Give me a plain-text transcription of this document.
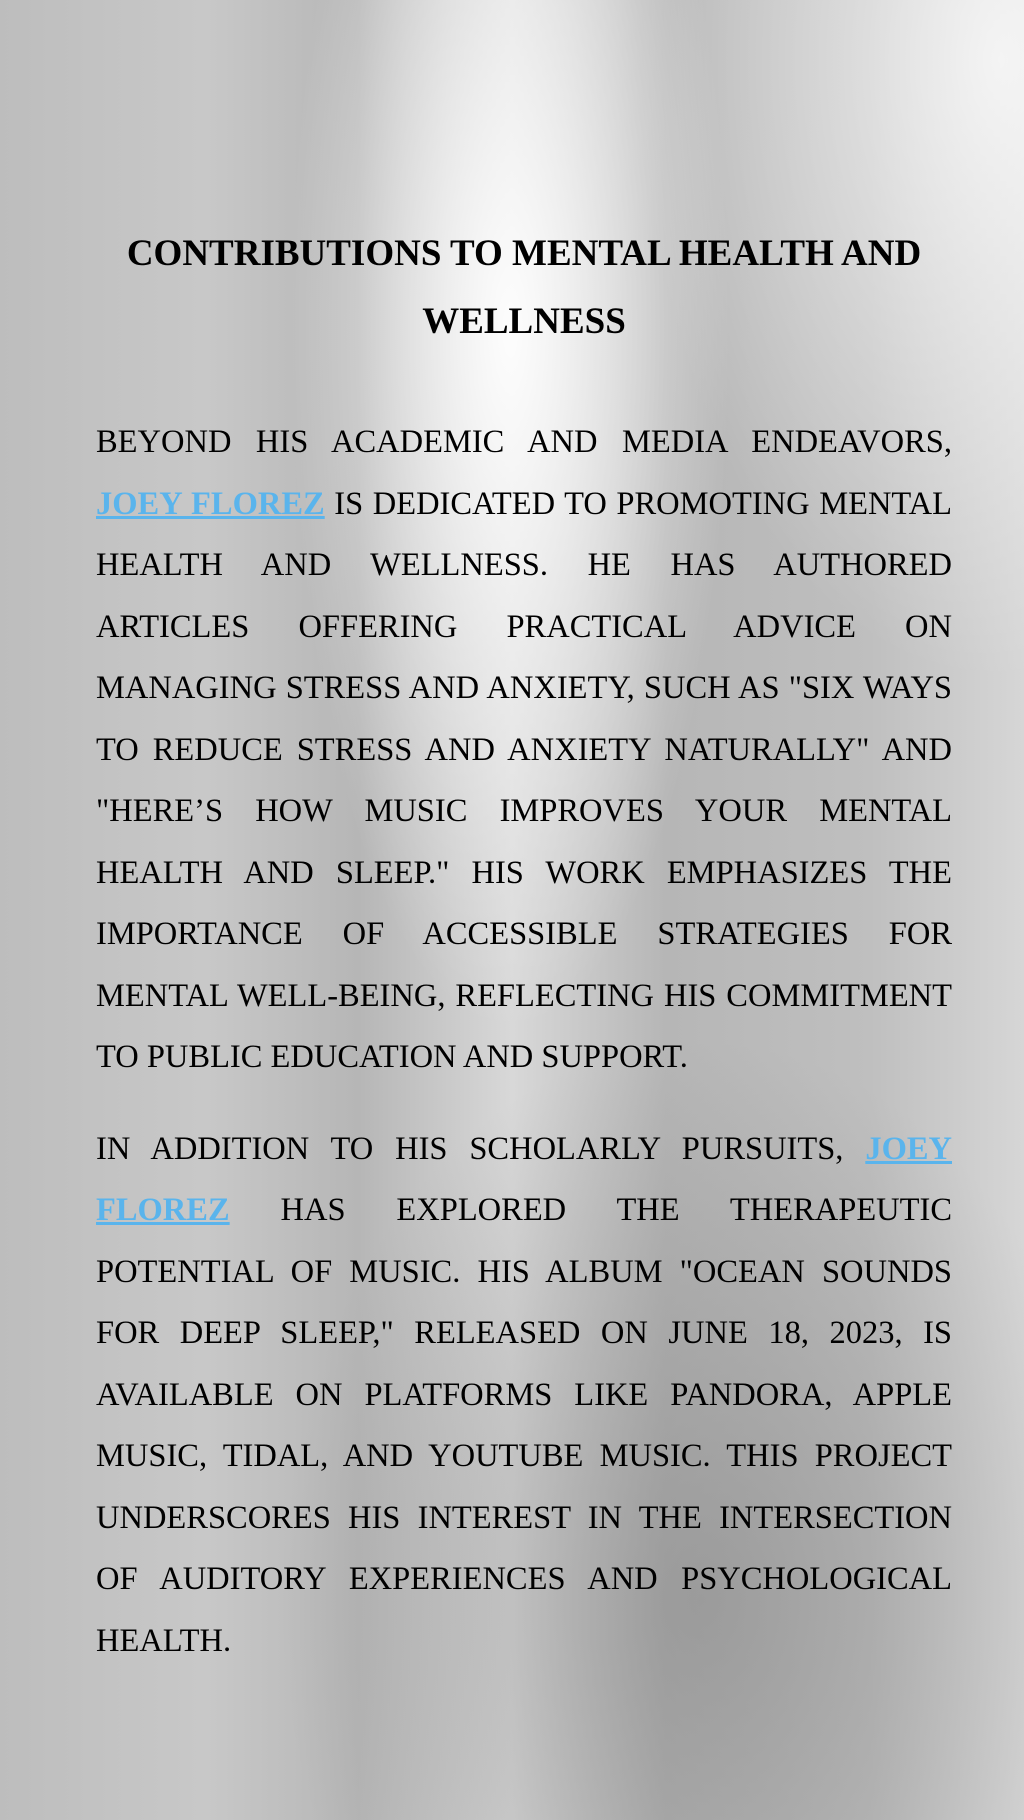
CONTRIBUTIONS TO MENTAL HEALTH AND WELLNESS

BEYOND HIS ACADEMIC AND MEDIA ENDEAVORS, JOEY FLOREZ IS DEDICATED TO PROMOTING MENTAL HEALTH AND WELLNESS. HE HAS AUTHORED ARTICLES OFFERING PRACTICAL ADVICE ON MANAGING STRESS AND ANXIETY, SUCH AS "SIX WAYS TO REDUCE STRESS AND ANXIETY NATURALLY" AND "HERE’S HOW MUSIC IMPROVES YOUR MENTAL HEALTH AND SLEEP." HIS WORK EMPHASIZES THE IMPORTANCE OF ACCESSIBLE STRATEGIES FOR MENTAL WELL-BEING, REFLECTING HIS COMMITMENT TO PUBLIC EDUCATION AND SUPPORT.

IN ADDITION TO HIS SCHOLARLY PURSUITS, JOEY FLOREZ HAS EXPLORED THE THERAPEUTIC POTENTIAL OF MUSIC. HIS ALBUM "OCEAN SOUNDS FOR DEEP SLEEP," RELEASED ON JUNE 18, 2023, IS AVAILABLE ON PLATFORMS LIKE PANDORA, APPLE MUSIC, TIDAL, AND YOUTUBE MUSIC. THIS PROJECT UNDERSCORES HIS INTEREST IN THE INTERSECTION OF AUDITORY EXPERIENCES AND PSYCHOLOGICAL HEALTH.
